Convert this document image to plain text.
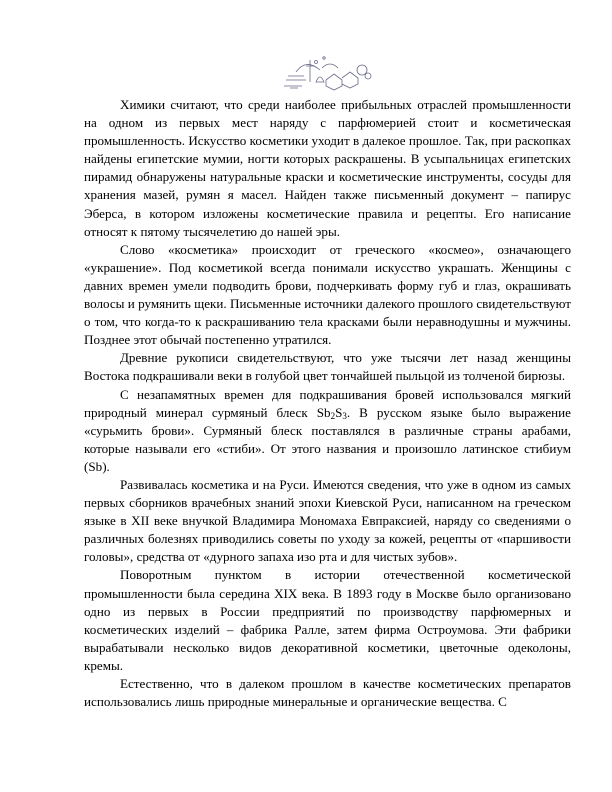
Химики считают, что среди наиболее прибыльных отраслей промышленности на одном из первых мест наряду с парфюмерией стоит и косметическая промышленность. Искусство косметики уходит в далекое прошлое. Так, при раскопках найдены египетские мумии, ногти которых раскрашены. В усыпальницах египетских пирамид обнаружены натуральные краски и косметические инструменты, сосуды для хранения мазей, румян я масел. Найден также письменный документ – папирус Эберса, в котором изложены косметические правила и рецепты. Его написание относят к пятому тысячелетию до нашей эры.

Слово «косметика» происходит от греческого «космео», означающего «украшение». Под косметикой всегда понимали искусство украшать. Женщины с давних времен умели подводить брови, подчеркивать форму губ и глаз, окрашивать волосы и румянить щеки. Письменные источники далекого прошлого свидетельствуют о том, что когда-то к раскрашиванию тела красками были неравнодушны и мужчины. Позднее этот обычай постепенно утратился.

Древние рукописи свидетельствуют, что уже тысячи лет назад женщины Востока подкрашивали веки в голубой цвет тончайшей пыльцой из толченой бирюзы.

С незапамятных времен для подкрашивания бровей использовался мягкий природный минерал сурмяный блеск $Sb_2S_3$. В русском языке было выражение «сурьмить брови». Сурмяный блеск поставлялся в различные страны арабами, которые называли его «стиби». От этого названия и произошло латинское стибиум (Sb).

Развивалась косметика и на Руси. Имеются сведения, что уже в одном из самых первых сборников врачебных знаний эпохи Киевской Руси, написанном на греческом языке в XII веке внучкой Владимира Мономаха Евпраксией, наряду со сведениями о различных болезнях приводились советы по уходу за кожей, рецепты от «паршивости головы», средства от «дурного запаха изо рта и для чистых зубов».

Поворотным пунктом в истории отечественной косметической промышленности была середина XIX века. В 1893 году в Москве было организовано одно из первых в России предприятий по производству парфюмерных и косметических изделий – фабрика Ралле, затем фирма Остроумова. Эти фабрики вырабатывали несколько видов декоративной косметики, цветочные одеколоны, кремы.

Естественно, что в далеком прошлом в качестве косметических препаратов использовались лишь природные минеральные и органические вещества. С
